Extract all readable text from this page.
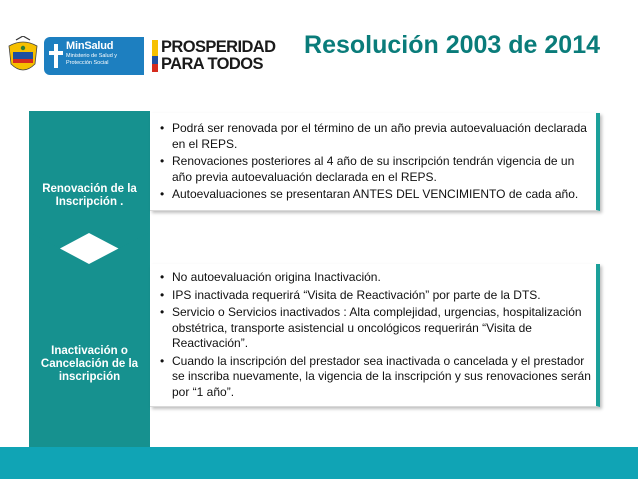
MinSalud
Ministerio de Salud y Protección Social
PROSPERIDAD
PARA TODOS
Resolución 2003 de 2014
Renovación de la Inscripción .
• Podrá ser renovada por el término de un año previa autoevaluación declarada en el REPS.
• Renovaciones posteriores al 4 año de su inscripción tendrán vigencia de un año previa autoevaluación declarada en el REPS.
• Autoevaluaciones se presentaran ANTES DEL VENCIMIENTO de cada año.
Inactivación o Cancelación de la inscripción
• No autoevaluación origina Inactivación.
• IPS inactivada requerirá “Visita de Reactivación” por parte de la DTS.
• Servicio o Servicios inactivados : Alta complejidad, urgencias, hospitalización obstétrica, transporte asistencial u oncológicos requerirán “Visita de Reactivación”.
• Cuando la inscripción del prestador sea inactivada o cancelada y el prestador se inscriba nuevamente, la vigencia de la inscripción y sus renovaciones serán por “1 año”.
